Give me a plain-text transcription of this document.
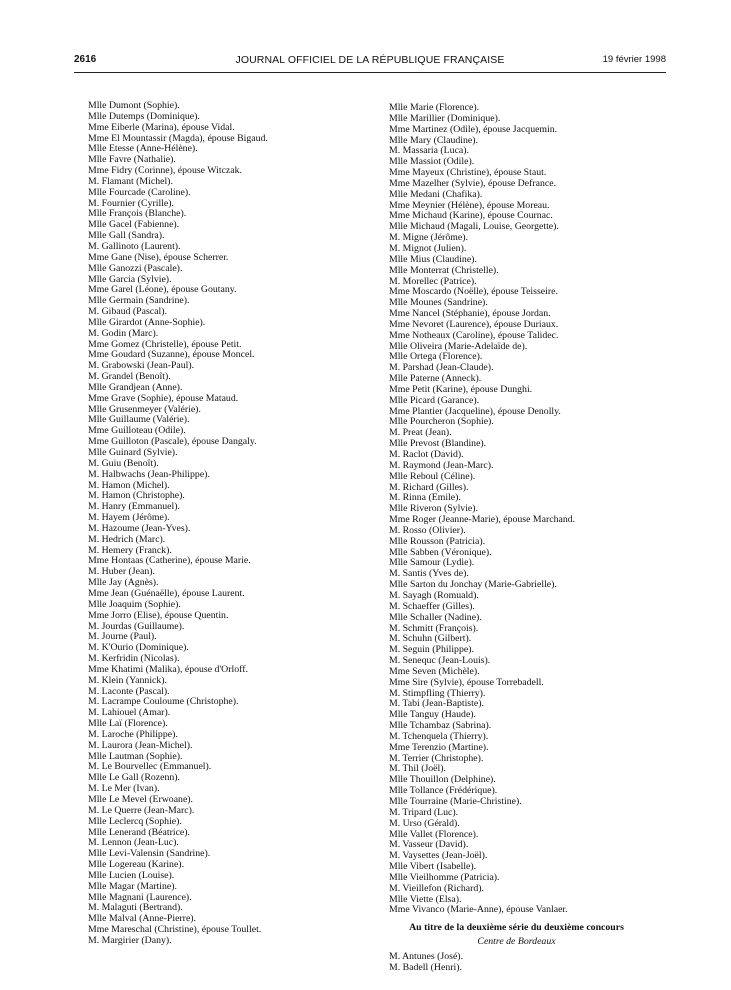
2616	JOURNAL OFFICIEL DE LA RÉPUBLIQUE FRANÇAISE	19 février 1998
Mlle Dumont (Sophie).
Mlle Dutemps (Dominique).
Mme Eiberle (Marina), épouse Vidal.
Mme El Mountassir (Magda), épouse Bigaud.
Mlle Etesse (Anne-Hélène).
Mlle Favre (Nathalie).
Mme Fidry (Corinne), épouse Witczak.
M. Flamant (Michel).
Mlle Fourcade (Caroline).
M. Fournier (Cyrille).
Mlle François (Blanche).
Mlle Gacel (Fabienne).
Mlle Gall (Sandra).
M. Gallinoto (Laurent).
Mme Gane (Nise), épouse Scherrer.
Mlle Ganozzi (Pascale).
Mlle Garcia (Sylvie).
Mme Garel (Léone), épouse Goutany.
Mlle Germain (Sandrine).
M. Gibaud (Pascal).
Mlle Girardot (Anne-Sophie).
M. Godin (Marc).
Mme Gomez (Christelle), épouse Petit.
Mme Goudard (Suzanne), épouse Moncel.
M. Grabowski (Jean-Paul).
M. Grandel (Benoît).
Mlle Grandjean (Anne).
Mme Grave (Sophie), épouse Mataud.
Mlle Grusenmeyer (Valérie).
Mlle Guillaume (Valérie).
Mme Guilloteau (Odile).
Mme Guilloton (Pascale), épouse Dangaly.
Mlle Guinard (Sylvie).
M. Guiu (Benoît).
M. Halbwachs (Jean-Philippe).
M. Hamon (Michel).
M. Hamon (Christophe).
M. Hanry (Emmanuel).
M. Hayem (Jérôme).
M. Hazoume (Jean-Yves).
M. Hedrich (Marc).
M. Hemery (Franck).
Mme Hontaas (Catherine), épouse Marie.
M. Huber (Jean).
Mlle Jay (Agnès).
Mme Jean (Guénaëlle), épouse Laurent.
Mlle Joaquim (Sophie).
Mme Jorro (Elise), épouse Quentin.
M. Jourdas (Guillaume).
M. Journe (Paul).
M. K'Ourio (Dominique).
M. Kerfridin (Nicolas).
Mme Khatimi (Malika), épouse d'Orloff.
M. Klein (Yannick).
M. Laconte (Pascal).
M. Lacrampe Couloume (Christophe).
M. Lahiouel (Amar).
Mlle Laï (Florence).
M. Laroche (Philippe).
M. Laurora (Jean-Michel).
Mlle Lautman (Sophie).
M. Le Bourvellec (Emmanuel).
Mlle Le Gall (Rozenn).
M. Le Mer (Ivan).
Mlle Le Mevel (Erwoane).
M. Le Querre (Jean-Marc).
Mlle Leclercq (Sophie).
Mlle Lenerand (Béatrice).
M. Lennon (Jean-Luc).
Mlle Levi-Valensin (Sandrine).
Mlle Logereau (Karine).
Mlle Lucien (Louise).
Mlle Magar (Martine).
Mlle Magnani (Laurence).
M. Malaguti (Bertrand).
Mlle Malval (Anne-Pierre).
Mme Mareschal (Christine), épouse Toullet.
M. Margirier (Dany).
Mlle Marie (Florence).
Mlle Marillier (Dominique).
Mme Martinez (Odile), épouse Jacquemin.
Mlle Mary (Claudine).
M. Massaria (Luca).
Mlle Massiot (Odile).
Mme Mayeux (Christine), épouse Staut.
Mme Mazelher (Sylvie), épouse Defrance.
Mlle Medani (Chafika).
Mme Meynier (Hélène), épouse Moreau.
Mme Michaud (Karine), épouse Cournac.
Mlle Michaud (Magali, Louise, Georgette).
M. Migne (Jérôme).
M. Mignot (Julien).
Mlle Mius (Claudine).
Mlle Monterrat (Christelle).
M. Morellec (Patrice).
Mme Moscardo (Noëlle), épouse Teisseire.
Mlle Mounes (Sandrine).
Mme Nancel (Stéphanie), épouse Jordan.
Mme Nevoret (Laurence), épouse Duriaux.
Mme Notheaux (Caroline), épouse Talidec.
Mlle Oliveira (Marie-Adelaïde de).
Mlle Ortega (Florence).
M. Parshad (Jean-Claude).
Mlle Paterne (Anneck).
Mme Petit (Karine), épouse Dunghi.
Mlle Picard (Garance).
Mme Plantier (Jacqueline), épouse Denolly.
Mlle Pourcheron (Sophie).
M. Preat (Jean).
Mlle Prevost (Blandine).
M. Raclot (David).
M. Raymond (Jean-Marc).
Mlle Reboul (Céline).
M. Richard (Gilles).
M. Rinna (Emile).
Mlle Riveron (Sylvie).
Mme Roger (Jeanne-Marie), épouse Marchand.
M. Rosso (Olivier).
Mlle Rousson (Patricia).
Mlle Sabben (Véronique).
Mlle Samour (Lydie).
M. Santis (Yves de).
Mlle Sarton du Jonchay (Marie-Gabrielle).
M. Sayagh (Romuald).
M. Schaeffer (Gilles).
Mlle Schaller (Nadine).
M. Schmitt (François).
M. Schuhn (Gilbert).
M. Seguin (Philippe).
M. Senequc (Jean-Louis).
Mme Seven (Michèle).
Mme Sire (Sylvie), épouse Torrebadell.
M. Stimpfling (Thierry).
M. Tabi (Jean-Baptiste).
Mlle Tanguy (Haude).
Mlle Tchambaz (Sabrina).
M. Tchenquela (Thierry).
Mme Terenzio (Martine).
M. Terrier (Christophe).
M. Thil (Joël).
Mlle Thouillon (Delphine).
Mlle Tollance (Frédérique).
Mlle Tourraine (Marie-Christine).
M. Tripard (Luc).
M. Urso (Gérald).
Mlle Vallet (Florence).
M. Vasseur (David).
M. Vaysettes (Jean-Joël).
Mlle Vibert (Isabelle).
Mlle Vieilhomme (Patricia).
M. Vieillefon (Richard).
Mlle Viette (Elsa).
Mme Vivanco (Marie-Anne), épouse Vanlaer.
Au titre de la deuxième série du deuxième concours
Centre de Bordeaux
M. Antunes (José).
M. Badell (Henri).
